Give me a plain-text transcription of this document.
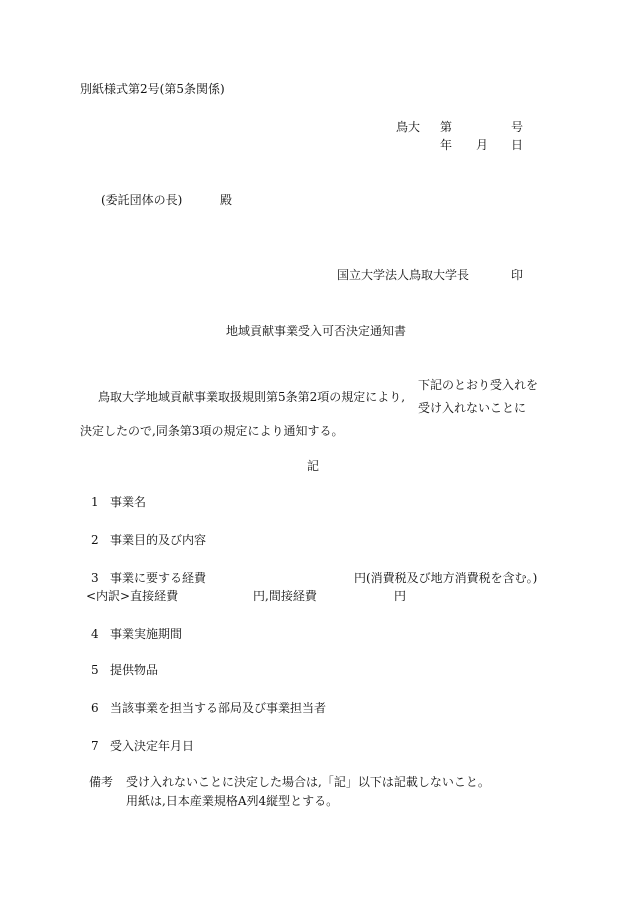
別紙様式第2号(第5条関係)
鳥大 第	号
年 月 日
(委託団体の長)	殿
国立大学法人鳥取大学長	印
地域貢献事業受入可否決定通知書
下記のとおり受入れを
鳥取大学地域貢献事業取扱規則第5条第2項の規定により,
受け入れないことに
決定したので,同条第3項の規定により通知する。
記
1 事業名
2 事業目的及び内容
3 事業に要する経費	円(消費税及び地方消費税を含む。)
<内訳>直接経費	円,間接経費	円
4 事業実施期間
5 提供物品
6 当該事業を担当する部局及び事業担当者
7 受入決定年月日
備考 受け入れないことに決定した場合は,「記」以下は記載しないこと。
用紙は,日本産業規格A列4縦型とする。
